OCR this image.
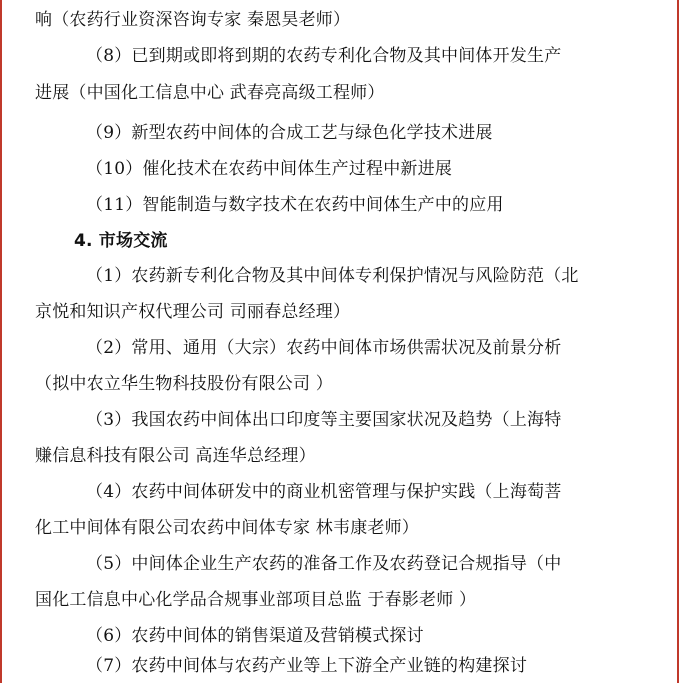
响（农药行业资深咨询专家 秦恩昊老师）
（8）已到期或即将到期的农药专利化合物及其中间体开发生产
进展（中国化工信息中心 武春亮高级工程师）
（9）新型农药中间体的合成工艺与绿色化学技术进展
（10）催化技术在农药中间体生产过程中新进展
（11）智能制造与数字技术在农药中间体生产中的应用
4. 市场交流
（1）农药新专利化合物及其中间体专利保护情况与风险防范（北
京悦和知识产权代理公司 司丽春总经理）
（2）常用、通用（大宗）农药中间体市场供需状况及前景分析
（拟中农立华生物科技股份有限公司 ）
（3）我国农药中间体出口印度等主要国家状况及趋势（上海特
赚信息科技有限公司 高连华总经理）
（4）农药中间体研发中的商业机密管理与保护实践（上海萄菩
化工中间体有限公司农药中间体专家 林韦康老师）
（5）中间体企业生产农药的准备工作及农药登记合规指导（中
国化工信息中心化学品合规事业部项目总监 于春影老师 ）
（6）农药中间体的销售渠道及营销模式探讨
（7）农药中间体与农药产业等上下游全产业链的构建探讨
